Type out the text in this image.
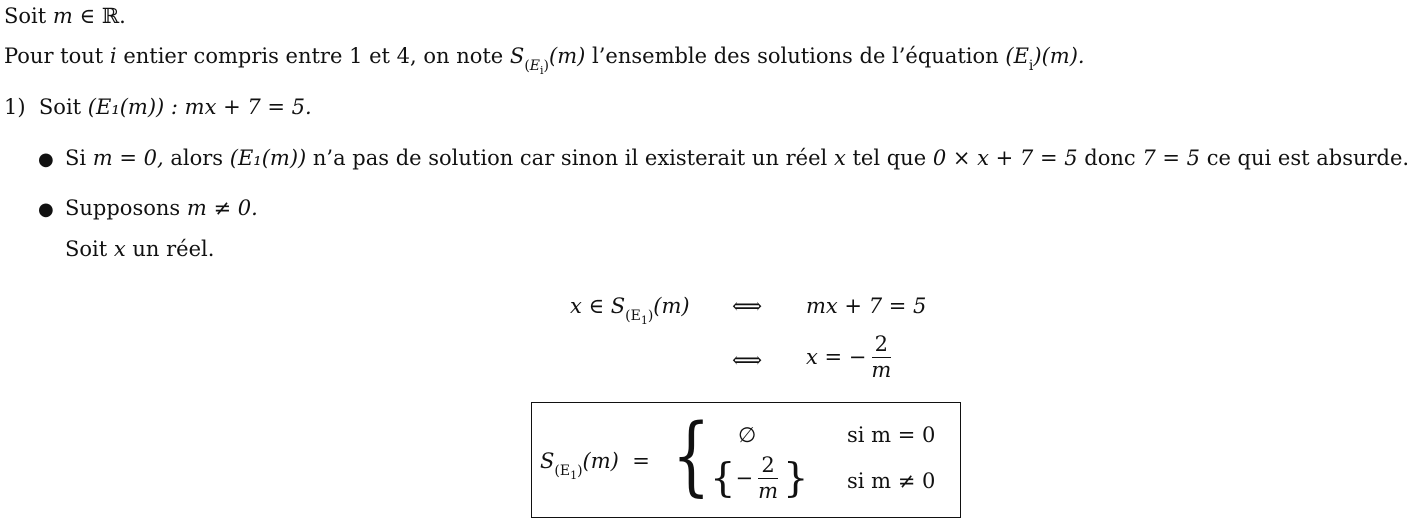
Soit m ∈ ℝ.
Pour tout i entier compris entre 1 et 4, on note $S_{(E_i)}(m)$ l’ensemble des solutions de l’équation $(E_i)(m)$.
1) Soit (E₁(m)) : mx + 7 = 5.
● Si m = 0, alors (E₁(m)) n’a pas de solution car sinon il existerait un réel x tel que 0 × x + 7 = 5 donc 7 = 5 ce qui est absurde.
● Supposons m ≠ 0.
Soit x un réel.
x ∈ $S_{(E_1)}(m)$ ⟺ mx + 7 = 5
⟺ x = − $\frac{2}{m}$
$S_{(E_1)}(m)$ = { ∅	si m = 0
{− $\frac{2}{m}$ } si m ≠ 0
